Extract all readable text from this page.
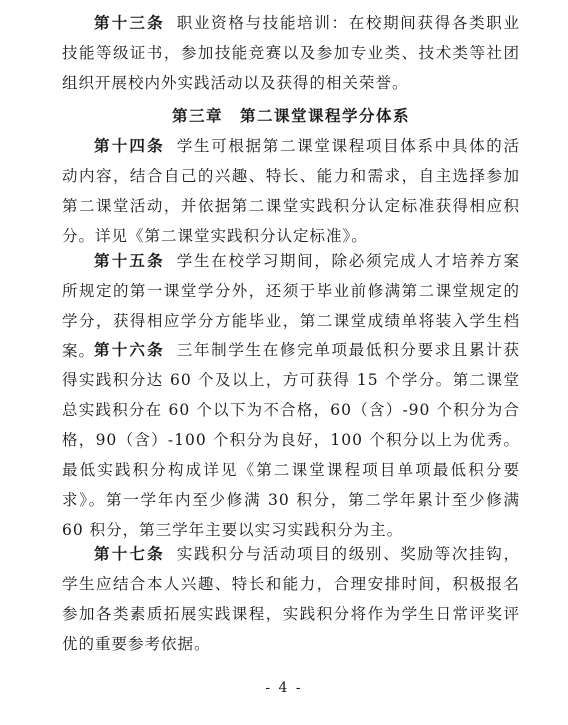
第十三条 职业资格与技能培训：在校期间获得各类职业技能等级证书，参加技能竞赛以及参加专业类、技术类等社团组织开展校内外实践活动以及获得的相关荣誉。

第三章　第二课堂课程学分体系

第十四条 学生可根据第二课堂课程项目体系中具体的活动内容，结合自己的兴趣、特长、能力和需求，自主选择参加第二课堂活动，并依据第二课堂实践积分认定标准获得相应积分。详见《第二课堂实践积分认定标准》。

第十五条 学生在校学习期间，除必须完成人才培养方案所规定的第一课堂学分外，还须于毕业前修满第二课堂规定的学分，获得相应学分方能毕业，第二课堂成绩单将装入学生档案。

第十六条 三年制学生在修完单项最低积分要求且累计获得实践积分达 60 个及以上，方可获得 15 个学分。第二课堂总实践积分在 60 个以下为不合格，60（含）-90 个积分为合格，90（含）-100 个积分为良好，100 个积分以上为优秀。最低实践积分构成详见《第二课堂课程项目单项最低积分要求》。第一学年内至少修满 30 积分，第二学年累计至少修满 60 积分，第三学年主要以实习实践积分为主。

第十七条 实践积分与活动项目的级别、奖励等次挂钩，学生应结合本人兴趣、特长和能力，合理安排时间，积极报名参加各类素质拓展实践课程，实践积分将作为学生日常评奖评优的重要参考依据。

- 4 -
